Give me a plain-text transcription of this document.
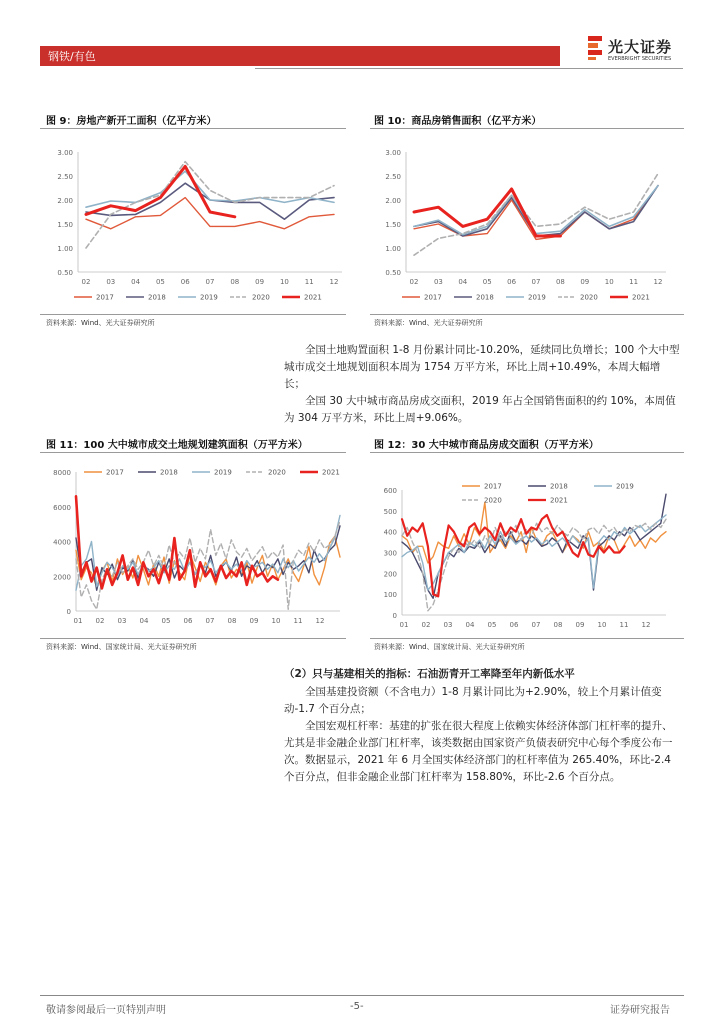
钢铁/有色
光大证券
EVERBRIGHT SECURITIES
图 9：房地产新开工面积（亿平方米）
0.50
1.00
1.50
2.00
2.50
3.00
02 03 04 05 06 07 08 09 10 11 12
2017	2018	2019	2020	2021
资料来源：Wind、光大证券研究所
图 10：商品房销售面积（亿平方米）
0.50
1.00
1.50
2.00
2.50
3.00
02 03 04 05 06 07 08 09 10 11 12
2017	2018	2019	2020	2021
资料来源：Wind、光大证券研究所

全国土地购置面积 1-8 月份累计同比-10.20%，延续同比负增长；100 个大中型城市成交土地规划面积本周为 1754 万平方米，环比上周+10.49%，本周大幅增长；

全国 30 大中城市商品房成交面积，2019 年占全国销售面积的约 10%，本周值为 304 万平方米，环比上周+9.06%。

图 11：100 大中城市成交土地规划建筑面积（万平方米）
0
2000
4000
6000
8000
01 02 03 04 05 06 07 08 09 10 11 12
2017	2018	2019	2020	2021
资料来源：Wind、国家统计局、光大证券研究所
图 12：30 大中城市商品房成交面积（万平方米）
0
100
200
300
400
500
600
01 02 03 04 05 06 07 08 09 10 11 12
2017	2018	2019
2020	2021
资料来源：Wind、国家统计局、光大证券研究所
（2）只与基建相关的指标：石油沥青开工率降至年内新低水平

全国基建投资额（不含电力）1-8 月累计同比为+2.90%，较上个月累计值变动-1.7 个百分点；

全国宏观杠杆率：基建的扩张在很大程度上依赖实体经济体部门杠杆率的提升、尤其是非金融企业部门杠杆率，该类数据由国家资产负债表研究中心每个季度公布一次。数据显示，2021 年 6 月全国实体经济部门的杠杆率值为 265.40%，环比-2.4 个百分点，但非金融企业部门杠杆率为 158.80%，环比-2.6 个百分点。

敬请参阅最后一页特别声明	-5-	证券研究报告
